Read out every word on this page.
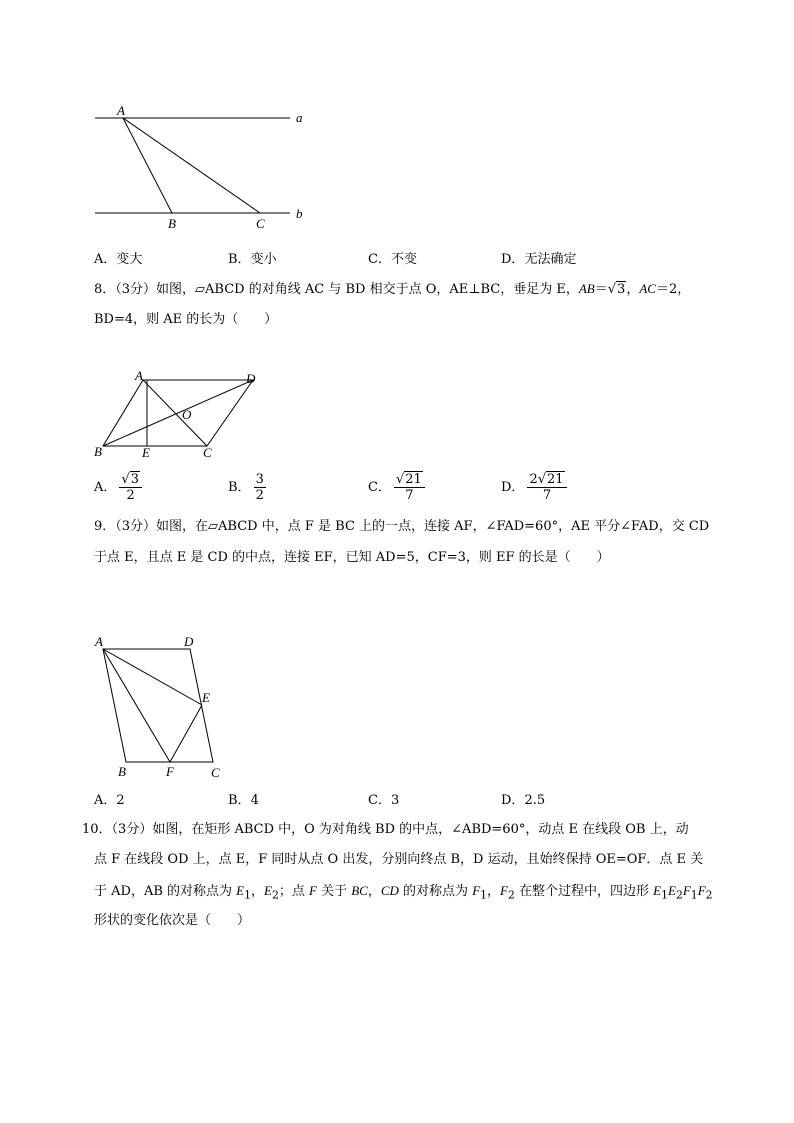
A	a
b
B	C
A．变大	B．变小	C．不变	D．无法确定
8．（3分）如图，▱ABCD 的对角线 AC 与 BD 相交于点 O，AE⊥BC，垂足为 E，AB＝√3，AC＝2，
BD=4，则 AE 的长为（　　）
A	D
O
B	E	C
A． $\frac{√3}{2}$	B． $\frac{3}{2}$	C． $\frac{√21}{7}$	D． $\frac{2√21}{7}$
9．（3分）如图，在▱ABCD 中，点 F 是 BC 上的一点，连接 AF，∠FAD=60°，AE 平分∠FAD，交 CD
于点 E，且点 E 是 CD 的中点，连接 EF，已知 AD=5，CF=3，则 EF 的长是（　　）
A	D
E
B	F	C
A．2	B．4	C．3	D．2.5
10．（3分）如图，在矩形 ABCD 中，O 为对角线 BD 的中点，∠ABD=60°，动点 E 在线段 OB 上，动
点 F 在线段 OD 上，点 E，F 同时从点 O 出发，分别向终点 B，D 运动，且始终保持 OE=OF．点 E 关
于 AD，AB 的对称点为 $E_1$，$E_2$；点 F 关于 BC，CD 的对称点为 $F_1$，$F_2$ 在整个过程中，四边形 $E_1E_2F_1F_2$
形状的变化依次是（　　）
